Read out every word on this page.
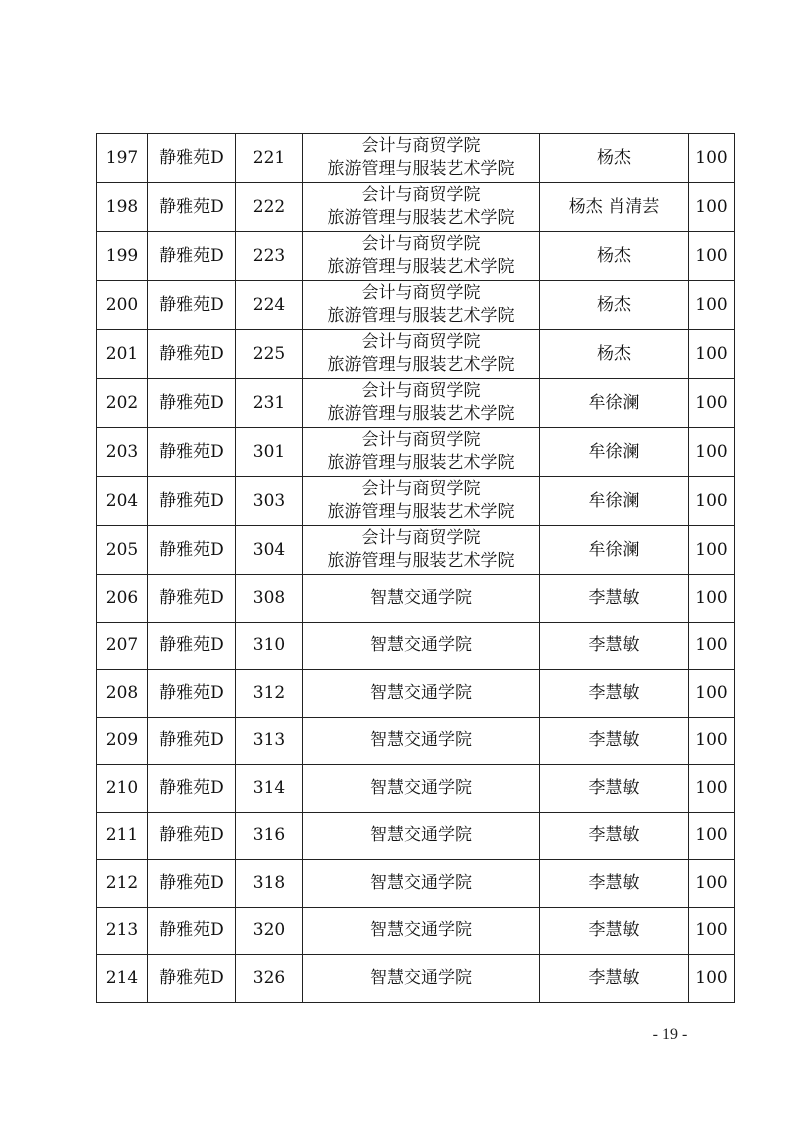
197	静雅苑D	221	会计与商贸学院
旅游管理与服装艺术学院	杨杰	100
198	静雅苑D	222	会计与商贸学院
旅游管理与服装艺术学院	杨杰 肖清芸	100
199	静雅苑D	223	会计与商贸学院
旅游管理与服装艺术学院	杨杰	100
200	静雅苑D	224	会计与商贸学院
旅游管理与服装艺术学院	杨杰	100
201	静雅苑D	225	会计与商贸学院
旅游管理与服装艺术学院	杨杰	100
202	静雅苑D	231	会计与商贸学院
旅游管理与服装艺术学院	牟徐澜	100
203	静雅苑D	301	会计与商贸学院
旅游管理与服装艺术学院	牟徐澜	100
204	静雅苑D	303	会计与商贸学院
旅游管理与服装艺术学院	牟徐澜	100
205	静雅苑D	304	会计与商贸学院
旅游管理与服装艺术学院	牟徐澜	100
206	静雅苑D	308	智慧交通学院	李慧敏	100
207	静雅苑D	310	智慧交通学院	李慧敏	100
208	静雅苑D	312	智慧交通学院	李慧敏	100
209	静雅苑D	313	智慧交通学院	李慧敏	100
210	静雅苑D	314	智慧交通学院	李慧敏	100
211	静雅苑D	316	智慧交通学院	李慧敏	100
212	静雅苑D	318	智慧交通学院	李慧敏	100
213	静雅苑D	320	智慧交通学院	李慧敏	100
214	静雅苑D	326	智慧交通学院	李慧敏	100
- 19 -
